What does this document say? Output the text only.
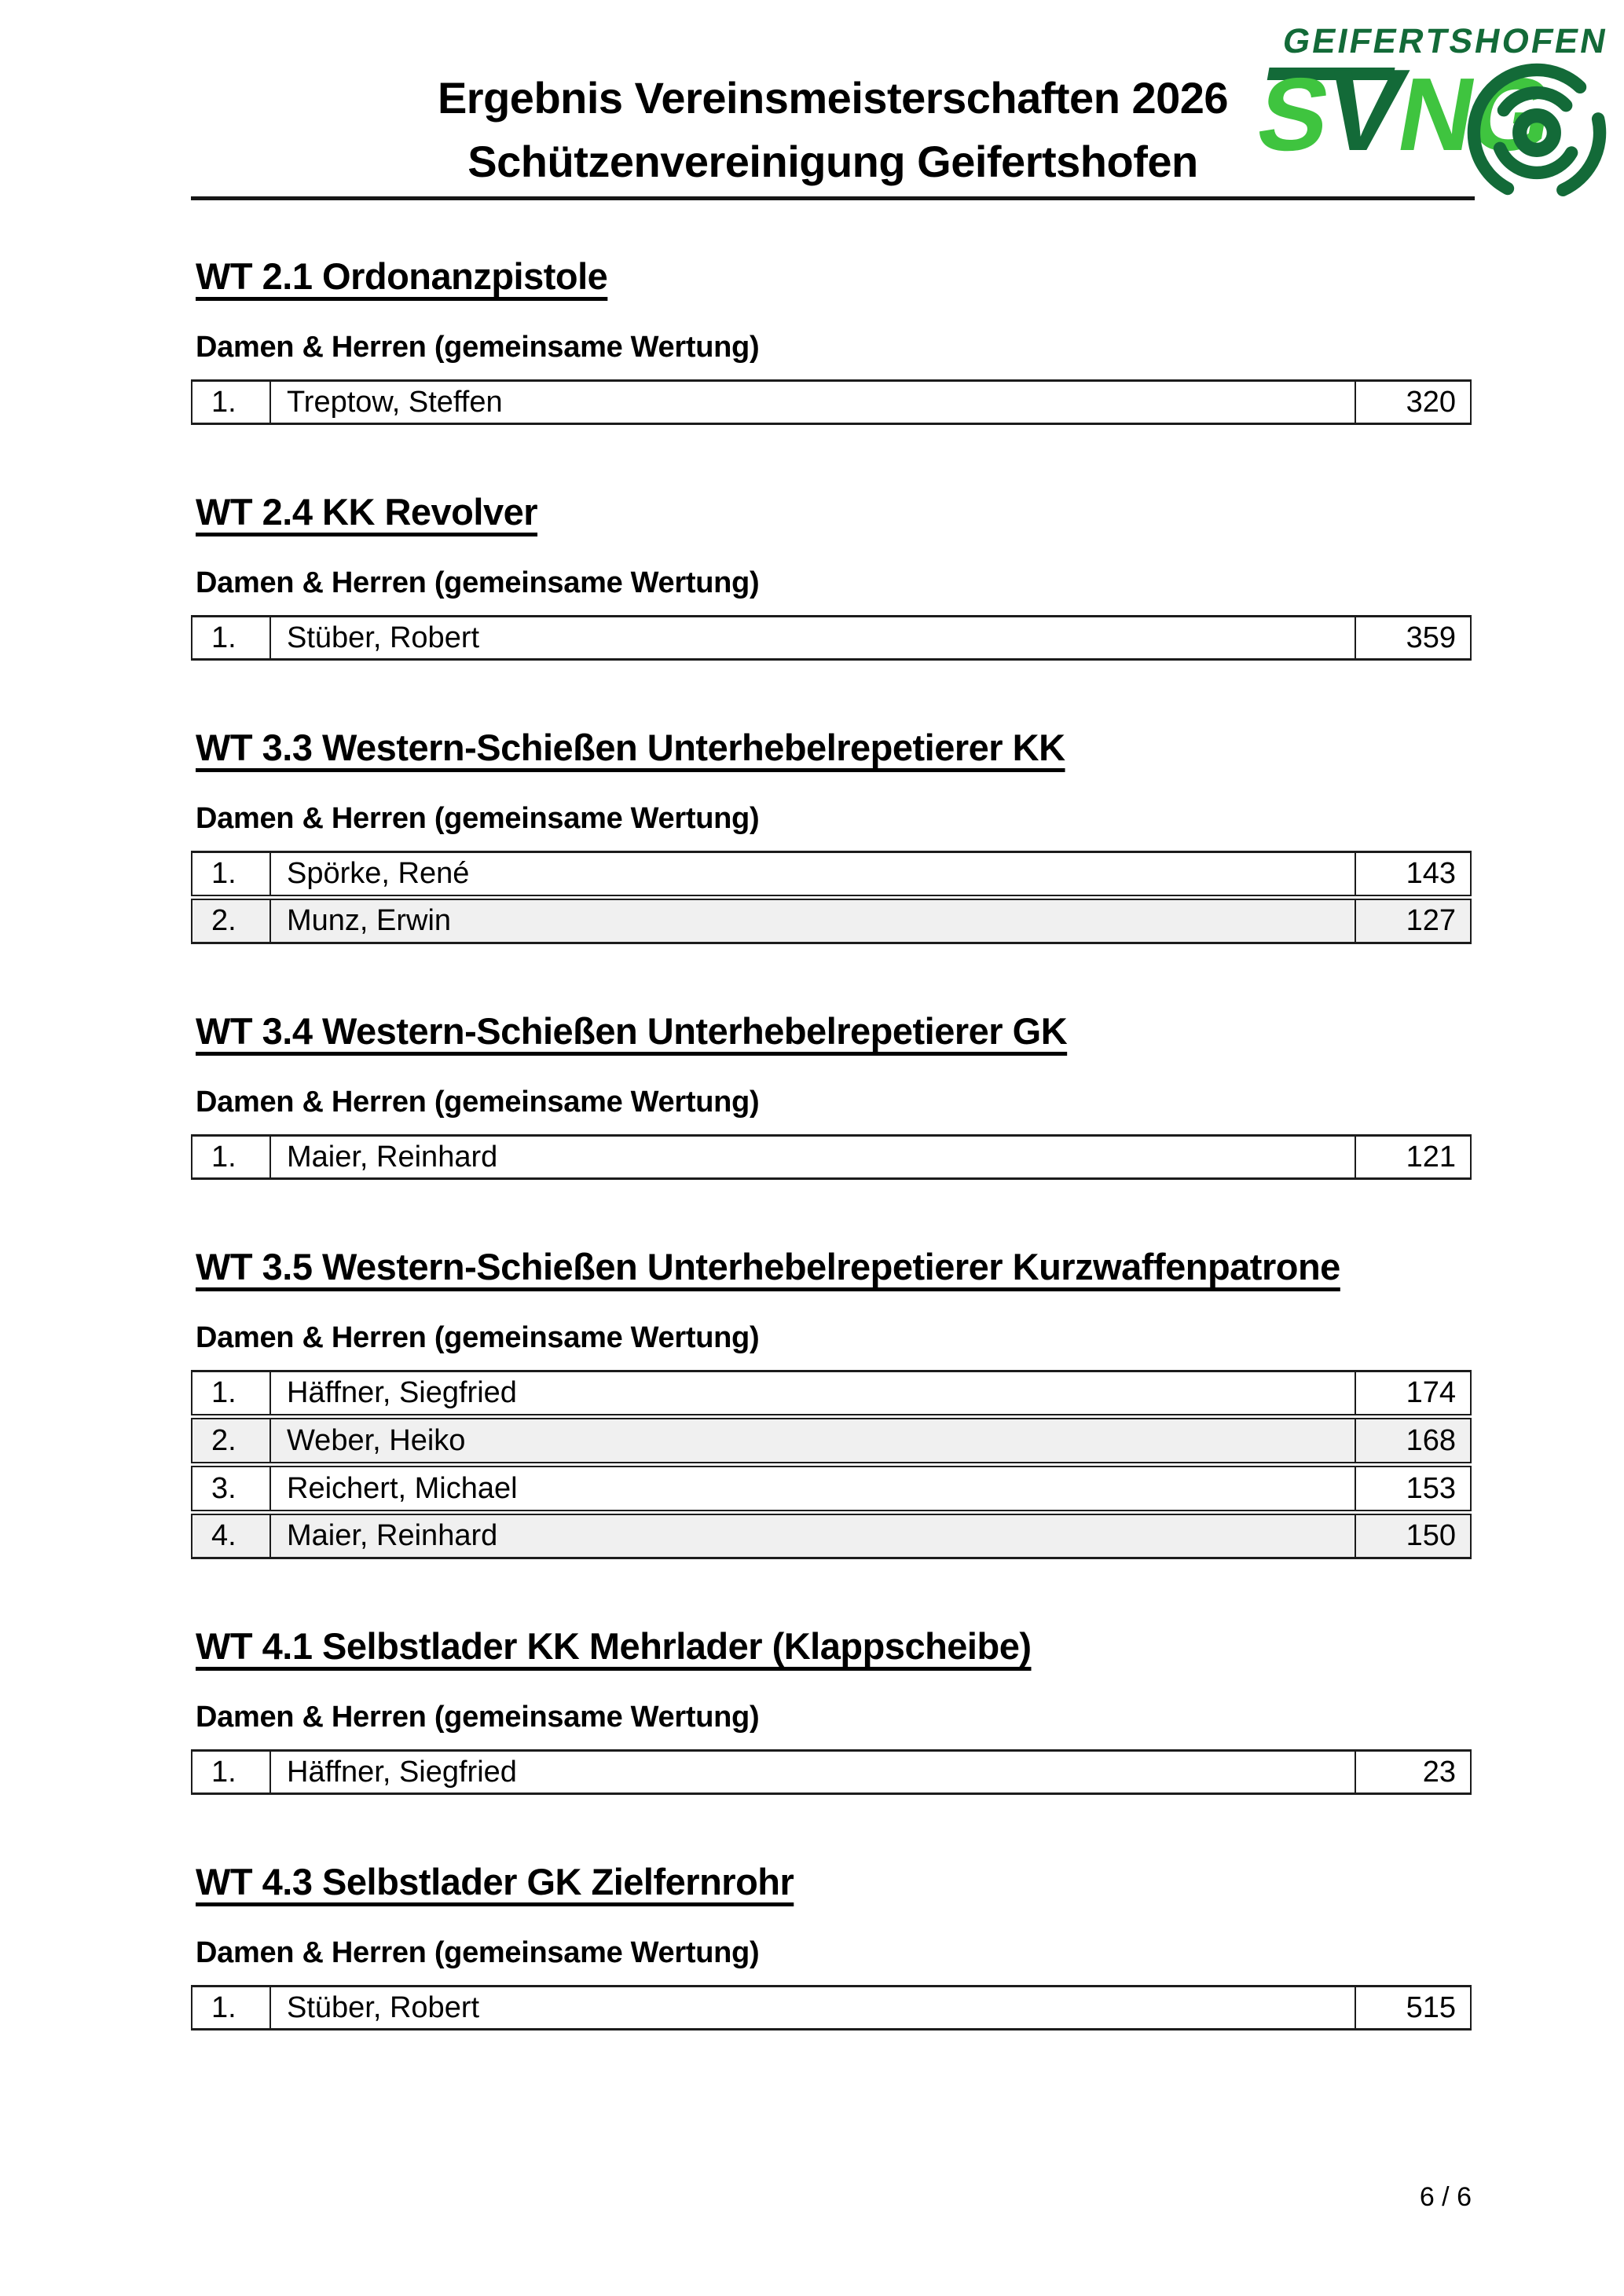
Ergebnis Vereinsmeisterschaften 2026
Schützenvereinigung Geifertshofen
GEIFERTSHOFEN
SVNG
WT 2.1 Ordonanzpistole
Damen & Herren (gemeinsame Wertung)
1.	Treptow, Steffen	320
WT 2.4 KK Revolver
Damen & Herren (gemeinsame Wertung)
1.	Stüber, Robert	359
WT 3.3 Western-Schießen Unterhebelrepetierer KK
Damen & Herren (gemeinsame Wertung)
1.	Spörke, René	143
2.	Munz, Erwin	127
WT 3.4 Western-Schießen Unterhebelrepetierer GK
Damen & Herren (gemeinsame Wertung)
1.	Maier, Reinhard	121
WT 3.5 Western-Schießen Unterhebelrepetierer Kurzwaffenpatrone
Damen & Herren (gemeinsame Wertung)
1.	Häffner, Siegfried	174
2.	Weber, Heiko	168
3.	Reichert, Michael	153
4.	Maier, Reinhard	150
WT 4.1 Selbstlader KK Mehrlader (Klappscheibe)
Damen & Herren (gemeinsame Wertung)
1.	Häffner, Siegfried	23
WT 4.3 Selbstlader GK Zielfernrohr
Damen & Herren (gemeinsame Wertung)
1.	Stüber, Robert	515
6 / 6
